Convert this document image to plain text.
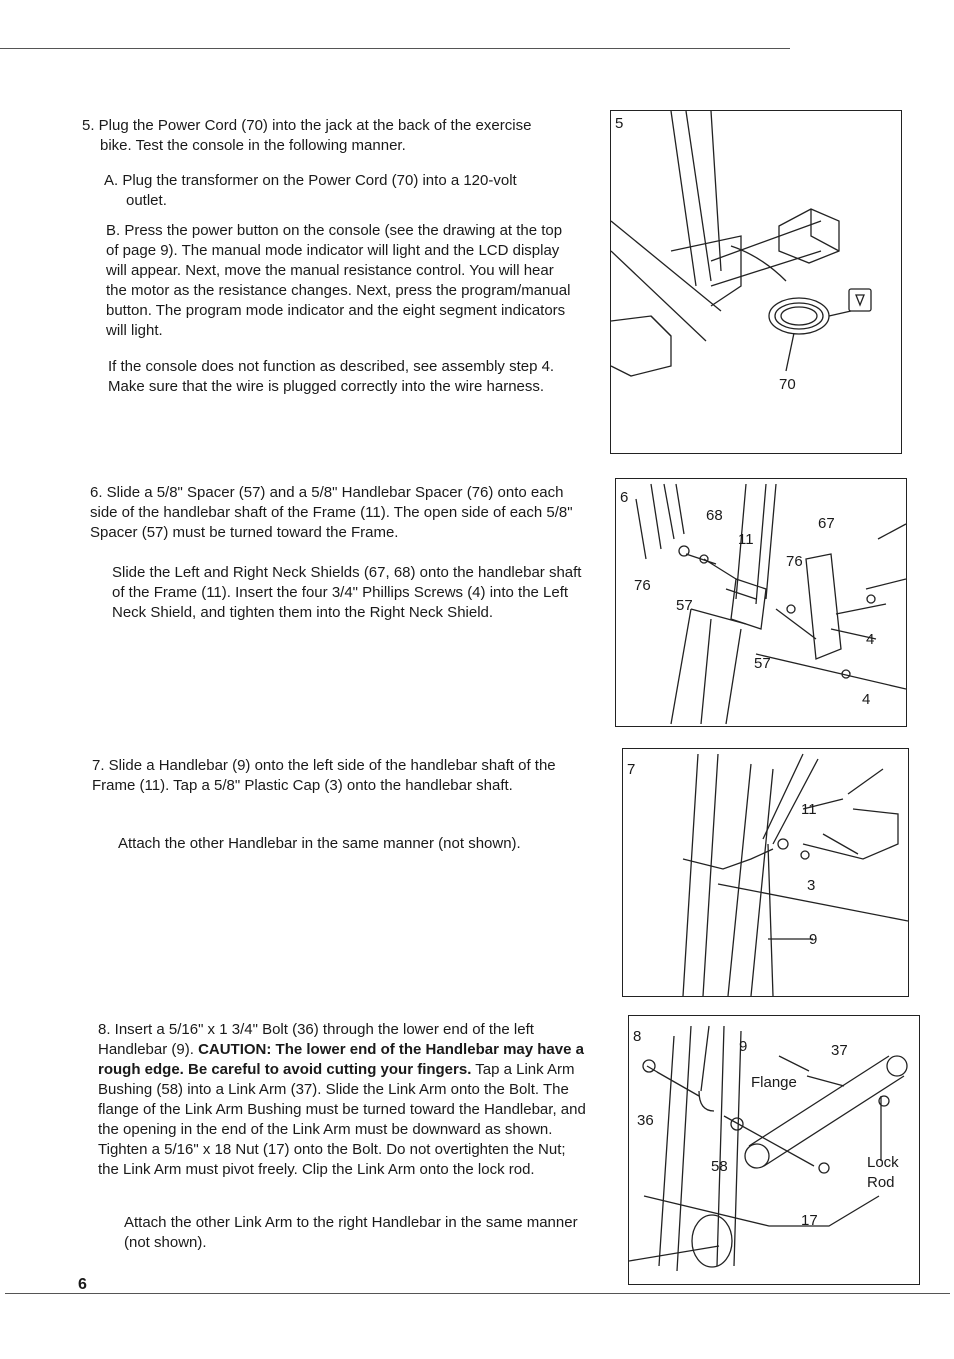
5. Plug the Power Cord (70) into the jack at the back of the exercise

bike. Test the console in the following manner.

A. Plug the transformer on the Power Cord (70) into a 120-volt

outlet.

B. Press the power button on the console (see the drawing at the top of page 9). The manual mode indicator will light and the LCD display will appear. Next, move the manual resistance control. You will hear the motor as the resistance changes. Next, press the program/manual button. The program mode indicator and the eight segment indicators will light.

If the console does not function as described, see assembly step 4. Make sure that the wire is plugged correctly into the wire harness.

6. Slide a 5/8" Spacer (57) and a 5/8" Handlebar Spacer (76) onto each side of the handlebar shaft of the Frame (11). The open side of each 5/8" Spacer (57) must be turned toward the Frame.

Slide the Left and Right Neck Shields (67, 68) onto the handlebar shaft of the Frame (11). Insert the four 3/4" Phillips Screws (4) into the Left Neck Shield, and tighten them into the Right Neck Shield.

7. Slide a Handlebar (9) onto the left side of the handlebar shaft of the Frame (11). Tap a 5/8" Plastic Cap (3) onto the handlebar shaft.

Attach the other Handlebar in the same manner (not shown).

8. Insert a 5/16" x 1 3/4" Bolt (36) through the lower end of the left Handlebar (9). CAUTION: The lower end of the Handlebar may have a rough edge. Be careful to avoid cutting your fingers. Tap a Link Arm Bushing (58) into a Link Arm (37). Slide the Link Arm onto the Bolt. The flange of the Link Arm Bushing must be turned toward the Handlebar, and the opening in the end of the Link Arm must be downward as shown. Tighten a 5/16" x 18 Nut (17) onto the Bolt. Do not overtighten the Nut; the Link Arm must pivot freely. Clip the Link Arm onto the lock rod.

Attach the other Link Arm to the right Handlebar in the same manner (not shown).

5
70
6
68
11
67
76
76
57
4
57
4
7
11
3
9
8
9	37
Flange
36
58	Lock
Rod
17
6
